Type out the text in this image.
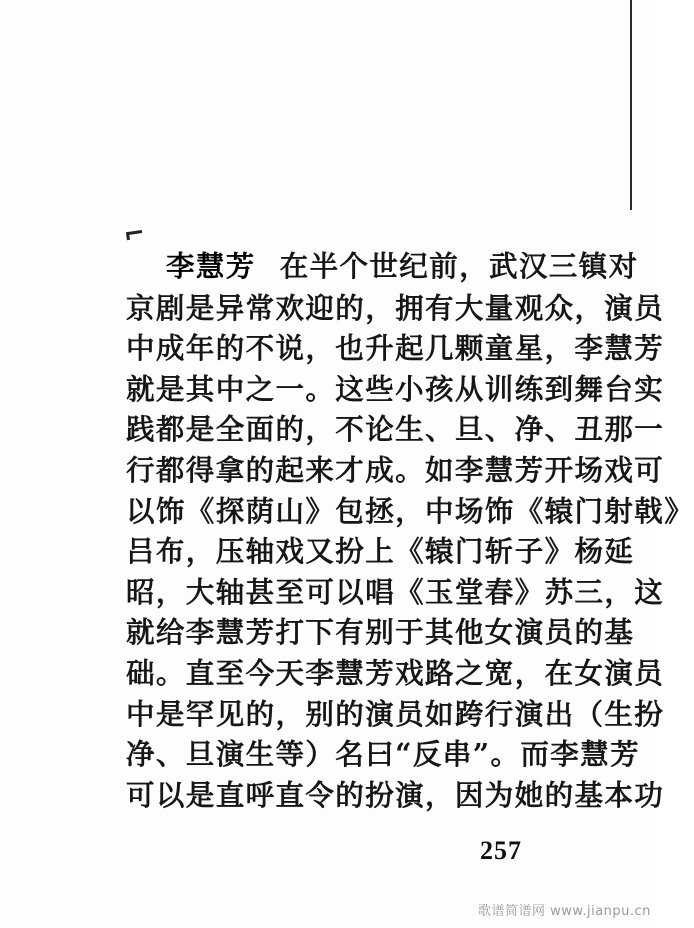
李慧芳 在半个世纪前，武汉三镇对
京剧是异常欢迎的，拥有大量观众，演员
中成年的不说，也升起几颗童星，李慧芳
就是其中之一。这些小孩从训练到舞台实
践都是全面的，不论生、旦、净、丑那一
行都得拿的起来才成。如李慧芳开场戏可
以饰《探荫山》包拯，中场饰《辕门射戟》
吕布，压轴戏又扮上《辕门斩子》杨延
昭，大轴甚至可以唱《玉堂春》苏三，这
就给李慧芳打下有别于其他女演员的基
础。直至今天李慧芳戏路之宽，在女演员
中是罕见的，别的演员如跨行演出（生扮
净、旦演生等）名曰“反串”。而李慧芳
可以是直呼直令的扮演，因为她的基本功
257
歌谱简谱网 www.jianpu.cn
